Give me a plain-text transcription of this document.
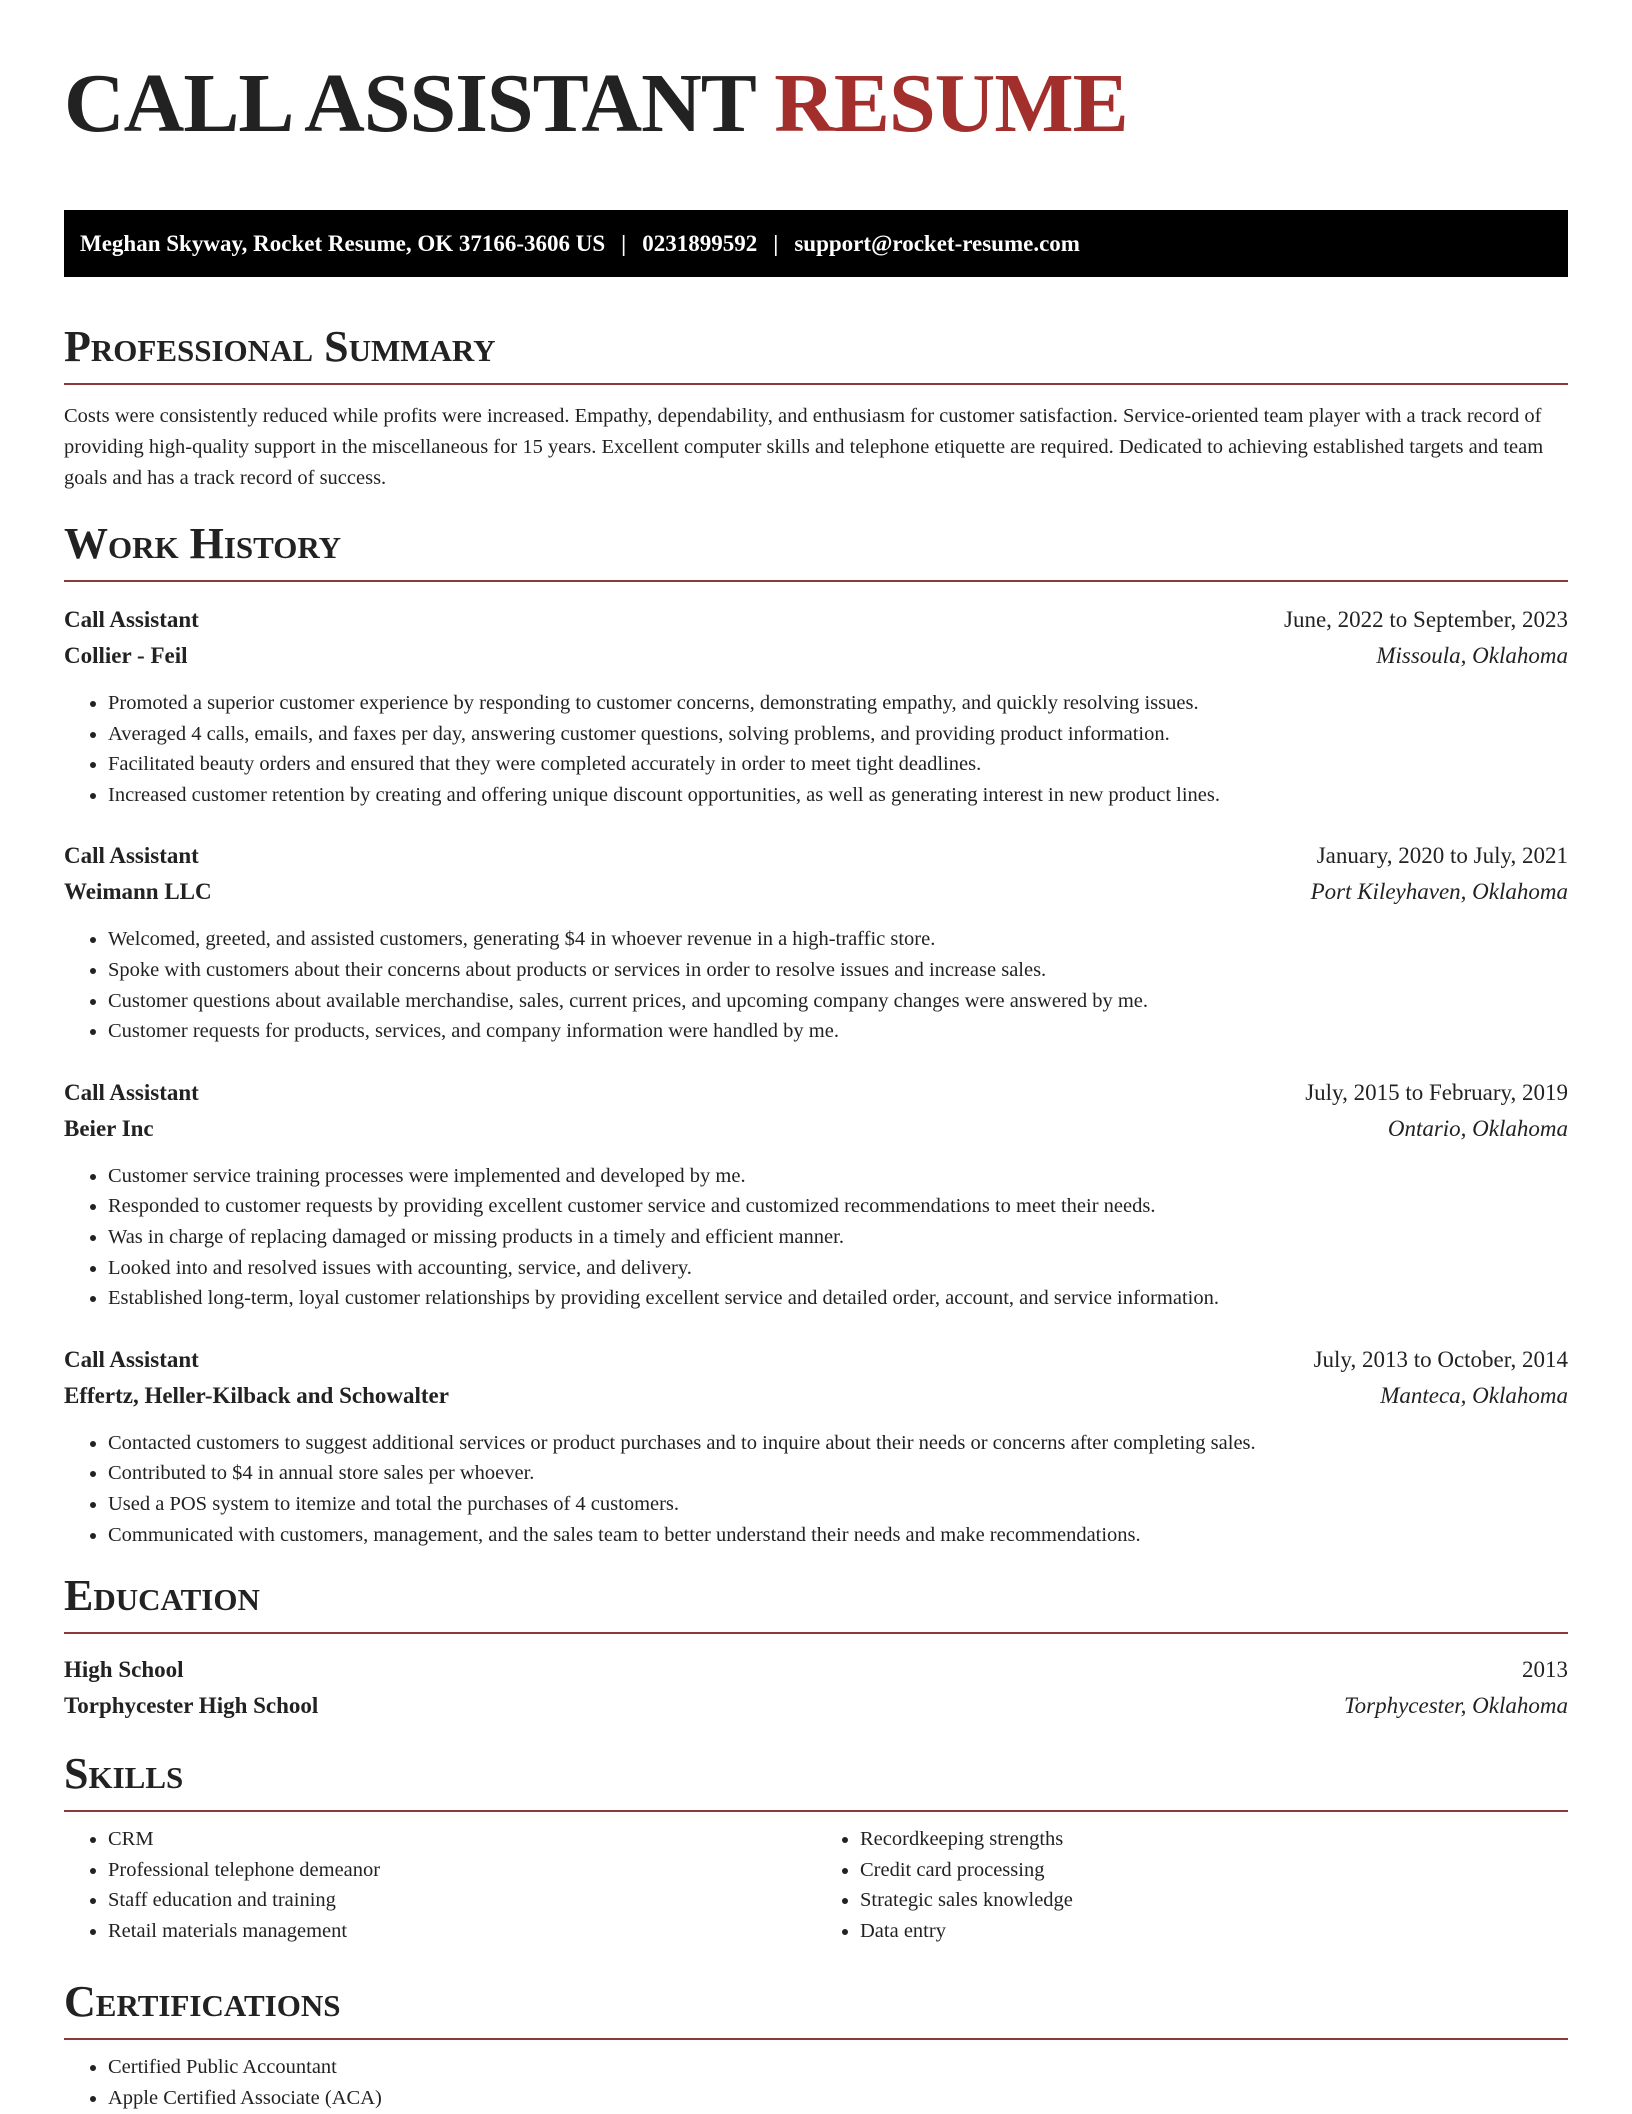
CALL ASSISTANT RESUME
Meghan Skyway, Rocket Resume, OK 37166-3606 US | 0231899592 | support@rocket-resume.com
Professional Summary

Costs were consistently reduced while profits were increased. Empathy, dependability, and enthusiasm for customer satisfaction. Service-oriented team player with a track record of providing high-quality support in the miscellaneous for 15 years. Excellent computer skills and telephone etiquette are required. Dedicated to achieving established targets and team goals and has a track record of success.

Work History
Call Assistant	June, 2022 to September, 2023
Collier - Feil	Missoula, Oklahoma
• Promoted a superior customer experience by responding to customer concerns, demonstrating empathy, and quickly resolving issues.
• Averaged 4 calls, emails, and faxes per day, answering customer questions, solving problems, and providing product information.
• Facilitated beauty orders and ensured that they were completed accurately in order to meet tight deadlines.
• Increased customer retention by creating and offering unique discount opportunities, as well as generating interest in new product lines.
Call Assistant	January, 2020 to July, 2021
Weimann LLC	Port Kileyhaven, Oklahoma
• Welcomed, greeted, and assisted customers, generating $4 in whoever revenue in a high-traffic store.
• Spoke with customers about their concerns about products or services in order to resolve issues and increase sales.
• Customer questions about available merchandise, sales, current prices, and upcoming company changes were answered by me.
• Customer requests for products, services, and company information were handled by me.
Call Assistant	July, 2015 to February, 2019
Beier Inc	Ontario, Oklahoma
• Customer service training processes were implemented and developed by me.
• Responded to customer requests by providing excellent customer service and customized recommendations to meet their needs.
• Was in charge of replacing damaged or missing products in a timely and efficient manner.
• Looked into and resolved issues with accounting, service, and delivery.
• Established long-term, loyal customer relationships by providing excellent service and detailed order, account, and service information.
Call Assistant	July, 2013 to October, 2014
Effertz, Heller-Kilback and Schowalter	Manteca, Oklahoma
• Contacted customers to suggest additional services or product purchases and to inquire about their needs or concerns after completing sales.
• Contributed to $4 in annual store sales per whoever.
• Used a POS system to itemize and total the purchases of 4 customers.
• Communicated with customers, management, and the sales team to better understand their needs and make recommendations.
Education
High School	2013
Torphycester High School	Torphycester, Oklahoma
Skills
• CRM
• Professional telephone demeanor
• Staff education and training
• Retail materials management
• Recordkeeping strengths
• Credit card processing
• Strategic sales knowledge
• Data entry
Certifications
• Certified Public Accountant
• Apple Certified Associate (ACA)
